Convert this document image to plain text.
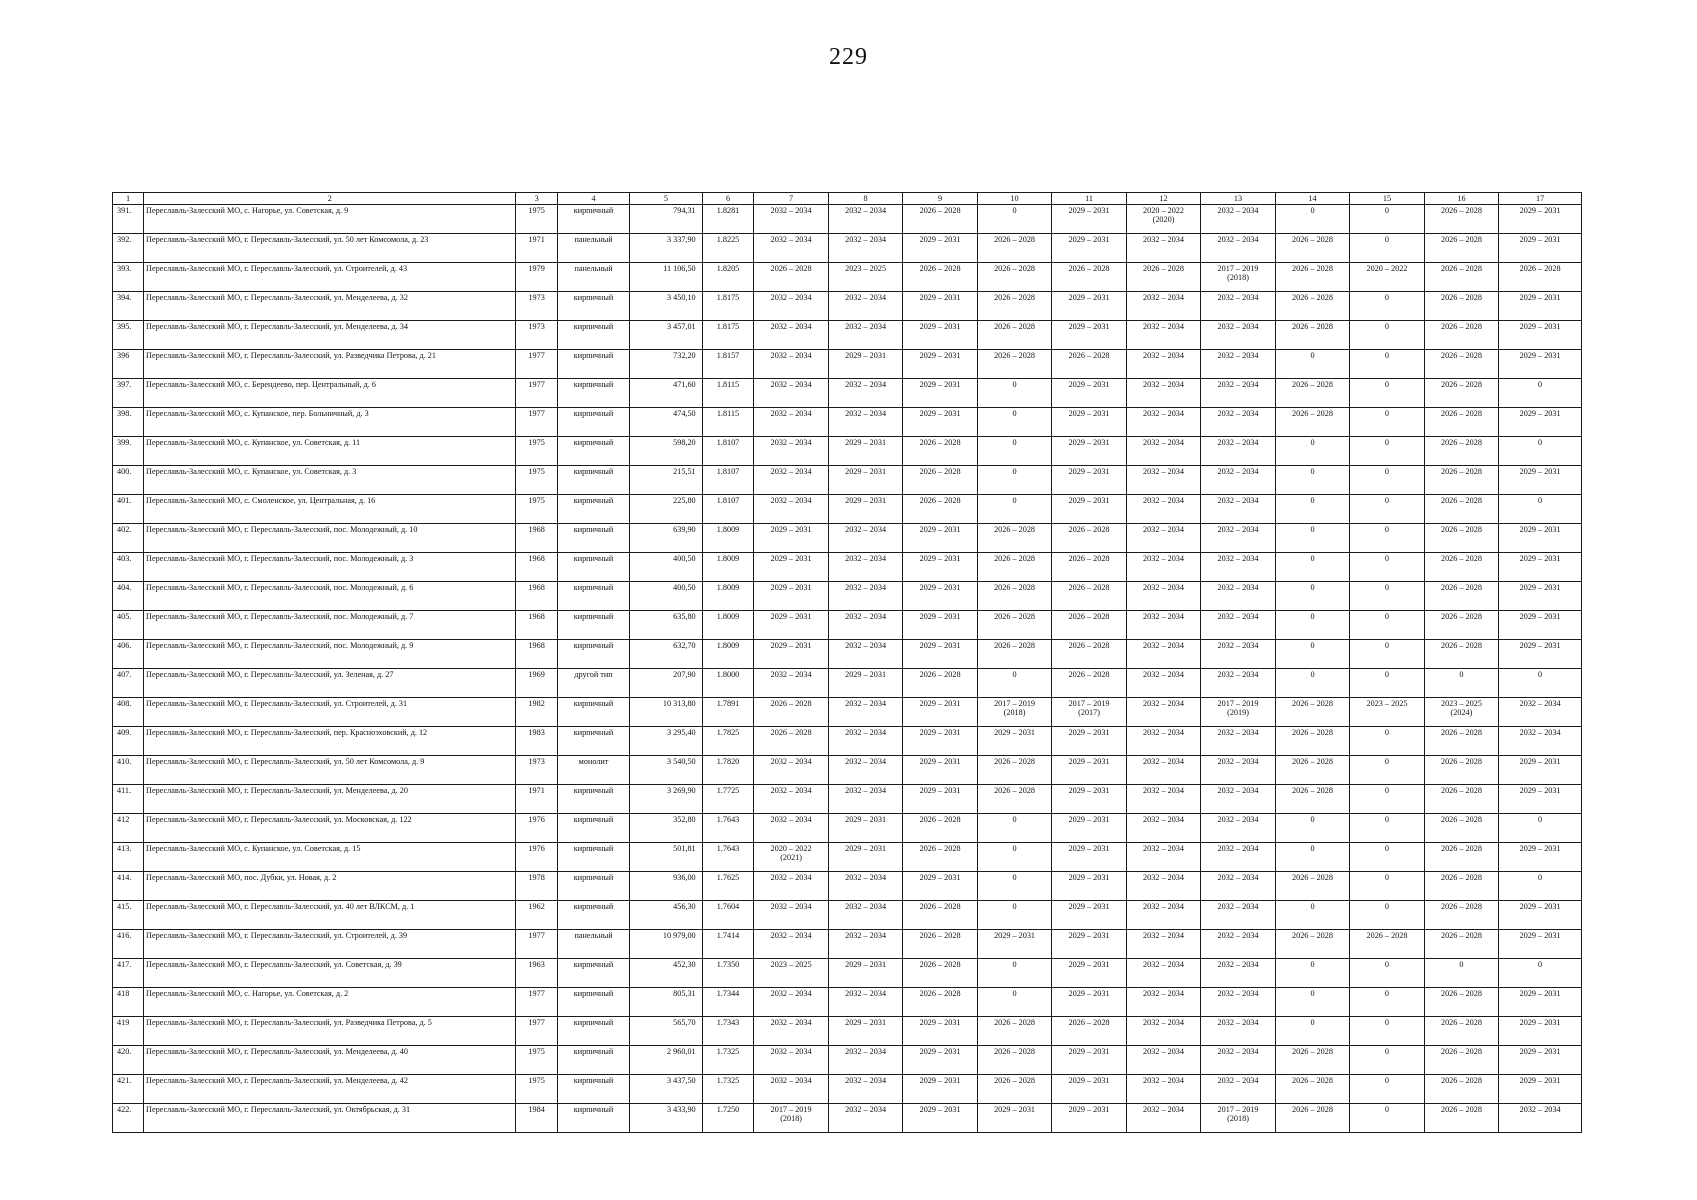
229
1	2	3	4	5	6	7	8	9	10	11	12	13	14	15	16	17

391.	Переславль-Залесский МО, с. Нагорье, ул. Советская, д. 9	1975	кирпичный	794,31	1.8281	2032 – 2034	2032 – 2034	2026 – 2028	0	2029 – 2031	2020 – 2022
(2020)	2032 – 2034	0	0	2026 – 2028	2029 – 2031

392.	Переславль-Залесский МО, г. Переславль-Залесский, ул. 50 лет Комсомола, д. 23	1971	панельный	3 337,90	1.8225	2032 – 2034	2032 – 2034	2029 – 2031	2026 – 2028	2029 – 2031	2032 – 2034	2032 – 2034	2026 – 2028	0	2026 – 2028	2029 – 2031

393.	Переславль-Залесский МО, г. Переславль-Залесский, ул. Строителей, д. 43	1979	панельный	11 106,50	1.8205	2026 – 2028	2023 – 2025	2026 – 2028	2026 – 2028	2026 – 2028	2026 – 2028	2017 – 2019
(2018)	2026 – 2028	2020 – 2022	2026 – 2028	2026 – 2028

394.	Переславль-Залесский МО, г. Переславль-Залесский, ул. Менделеева, д. 32	1973	кирпичный	3 450,10	1.8175	2032 – 2034	2032 – 2034	2029 – 2031	2026 – 2028	2029 – 2031	2032 – 2034	2032 – 2034	2026 – 2028	0	2026 – 2028	2029 – 2031

395.	Переславль-Залесский МО, г. Переславль-Залесский, ул. Менделеева, д. 34	1973	кирпичный	3 457,01	1.8175	2032 – 2034	2032 – 2034	2029 – 2031	2026 – 2028	2029 – 2031	2032 – 2034	2032 – 2034	2026 – 2028	0	2026 – 2028	2029 – 2031

396	Переславль-Залесский МО, г. Переславль-Залесский, ул. Разведчика Петрова, д. 21	1977	кирпичный	732,20	1.8157	2032 – 2034	2029 – 2031	2029 – 2031	2026 – 2028	2026 – 2028	2032 – 2034	2032 – 2034	0	0	2026 – 2028	2029 – 2031

397.	Переславль-Залесский МО, с. Берендеево, пер. Центральный, д. 6	1977	кирпичный	471,60	1.8115	2032 – 2034	2032 – 2034	2029 – 2031	0	2029 – 2031	2032 – 2034	2032 – 2034	2026 – 2028	0	2026 – 2028	0

398.	Переславль-Залесский МО, с. Купанское, пер. Больничный, д. 3	1977	кирпичный	474,50	1.8115	2032 – 2034	2032 – 2034	2029 – 2031	0	2029 – 2031	2032 – 2034	2032 – 2034	2026 – 2028	0	2026 – 2028	2029 – 2031

399.	Переславль-Залесский МО, с. Купанское, ул. Советская, д. 11	1975	кирпичный	598,20	1.8107	2032 – 2034	2029 – 2031	2026 – 2028	0	2029 – 2031	2032 – 2034	2032 – 2034	0	0	2026 – 2028	0

400.	Переславль-Залесский МО, с. Купанское, ул. Советская, д. 3	1975	кирпичный	215,51	1.8107	2032 – 2034	2029 – 2031	2026 – 2028	0	2029 – 2031	2032 – 2034	2032 – 2034	0	0	2026 – 2028	2029 – 2031

401.	Переславль-Залесский МО, с. Смоленское, ул. Центральная, д. 16	1975	кирпичный	225,80	1.8107	2032 – 2034	2029 – 2031	2026 – 2028	0	2029 – 2031	2032 – 2034	2032 – 2034	0	0	2026 – 2028	0

402.	Переславль-Залесский МО, г. Переславль-Залесский, пос. Молодежный, д. 10	1968	кирпичный	639,90	1.8009	2029 – 2031	2032 – 2034	2029 – 2031	2026 – 2028	2026 – 2028	2032 – 2034	2032 – 2034	0	0	2026 – 2028	2029 – 2031

403.	Переславль-Залесский МО, г. Переславль-Залесский, пос. Молодежный, д. 3	1968	кирпичный	400,50	1.8009	2029 – 2031	2032 – 2034	2029 – 2031	2026 – 2028	2026 – 2028	2032 – 2034	2032 – 2034	0	0	2026 – 2028	2029 – 2031

404.	Переславль-Залесский МО, г. Переславль-Залесский, пос. Молодежный, д. 6	1968	кирпичный	400,50	1.8009	2029 – 2031	2032 – 2034	2029 – 2031	2026 – 2028	2026 – 2028	2032 – 2034	2032 – 2034	0	0	2026 – 2028	2029 – 2031

405.	Переславль-Залесский МО, г. Переславль-Залесский, пос. Молодежный, д. 7	1968	кирпичный	635,80	1.8009	2029 – 2031	2032 – 2034	2029 – 2031	2026 – 2028	2026 – 2028	2032 – 2034	2032 – 2034	0	0	2026 – 2028	2029 – 2031

406.	Переславль-Залесский МО, г. Переславль-Залесский, пос. Молодежный, д. 9	1968	кирпичный	632,70	1.8009	2029 – 2031	2032 – 2034	2029 – 2031	2026 – 2028	2026 – 2028	2032 – 2034	2032 – 2034	0	0	2026 – 2028	2029 – 2031

407.	Переславль-Залесский МО, г. Переславль-Залесский, ул. Зеленая, д. 27	1969	другой тип	207,90	1.8000	2032 – 2034	2029 – 2031	2026 – 2028	0	2026 – 2028	2032 – 2034	2032 – 2034	0	0	0	0

408.	Переславль-Залесский МО, г. Переславль-Залесский, ул. Строителей, д. 31	1982	кирпичный	10 313,80	1.7891	2026 – 2028	2032 – 2034	2029 – 2031	2017 – 2019
(2018)	2017 – 2019
(2017)	2032 – 2034	2017 – 2019
(2019)	2026 – 2028	2023 – 2025	2023 – 2025
(2024)	2032 – 2034

409.	Переславль-Залесский МО, г. Переславль-Залесский, пер. Красноэховский, д. 12	1983	кирпичный	3 295,40	1.7825	2026 – 2028	2032 – 2034	2029 – 2031	2029 – 2031	2029 – 2031	2032 – 2034	2032 – 2034	2026 – 2028	0	2026 – 2028	2032 – 2034

410.	Переславль-Залесский МО, г. Переславль-Залесский, ул. 50 лет Комсомола, д. 9	1973	монолит	3 540,50	1.7820	2032 – 2034	2032 – 2034	2029 – 2031	2026 – 2028	2029 – 2031	2032 – 2034	2032 – 2034	2026 – 2028	0	2026 – 2028	2029 – 2031

411.	Переславль-Залесский МО, г. Переславль-Залесский, ул. Менделеева, д. 20	1971	кирпичный	3 269,90	1.7725	2032 – 2034	2032 – 2034	2029 – 2031	2026 – 2028	2029 – 2031	2032 – 2034	2032 – 2034	2026 – 2028	0	2026 – 2028	2029 – 2031

412	Переславль-Залесский МО, г. Переславль-Залесский, ул. Московская, д. 122	1976	кирпичный	352,80	1.7643	2032 – 2034	2029 – 2031	2026 – 2028	0	2029 – 2031	2032 – 2034	2032 – 2034	0	0	2026 – 2028	0

413.	Переславль-Залесский МО, с. Купанское, ул. Советская, д. 15	1976	кирпичный	501,81	1.7643	2020 – 2022
(2021)	2029 – 2031	2026 – 2028	0	2029 – 2031	2032 – 2034	2032 – 2034	0	0	2026 – 2028	2029 – 2031

414.	Переславль-Залесский МО, пос. Дубки, ул. Новая, д. 2	1978	кирпичный	936,00	1.7625	2032 – 2034	2032 – 2034	2029 – 2031	0	2029 – 2031	2032 – 2034	2032 – 2034	2026 – 2028	0	2026 – 2028	0

415.	Переславль-Залесский МО, г. Переславль-Залесский, ул. 40 лет ВЛКСМ, д. 1	1962	кирпичный	456,30	1.7604	2032 – 2034	2032 – 2034	2026 – 2028	0	2029 – 2031	2032 – 2034	2032 – 2034	0	0	2026 – 2028	2029 – 2031

416.	Переславль-Залесский МО, г. Переславль-Залесский, ул. Строителей, д. 39	1977	панельный	10 979,00	1.7414	2032 – 2034	2032 – 2034	2026 – 2028	2029 – 2031	2029 – 2031	2032 – 2034	2032 – 2034	2026 – 2028	2026 – 2028	2026 – 2028	2029 – 2031

417.	Переславль-Залесский МО, г. Переславль-Залесский, ул. Советская, д. 39	1963	кирпичный	452,30	1.7350	2023 – 2025	2029 – 2031	2026 – 2028	0	2029 – 2031	2032 – 2034	2032 – 2034	0	0	0	0

418	Переславль-Залесский МО, с. Нагорье, ул. Советская, д. 2	1977	кирпичный	805,31	1.7344	2032 – 2034	2032 – 2034	2026 – 2028	0	2029 – 2031	2032 – 2034	2032 – 2034	0	0	2026 – 2028	2029 – 2031

419	Переславль-Залесский МО, г. Переславль-Залесский, ул. Разведчика Петрова, д. 5	1977	кирпичный	565,70	1.7343	2032 – 2034	2029 – 2031	2029 – 2031	2026 – 2028	2026 – 2028	2032 – 2034	2032 – 2034	0	0	2026 – 2028	2029 – 2031

420.	Переславль-Залесский МО, г. Переславль-Залесский, ул. Менделеева, д. 40	1975	кирпичный	2 960,01	1.7325	2032 – 2034	2032 – 2034	2029 – 2031	2026 – 2028	2029 – 2031	2032 – 2034	2032 – 2034	2026 – 2028	0	2026 – 2028	2029 – 2031

421.	Переславль-Залесский МО, г. Переславль-Залесский, ул. Менделеева, д. 42	1975	кирпичный	3 437,50	1.7325	2032 – 2034	2032 – 2034	2029 – 2031	2026 – 2028	2029 – 2031	2032 – 2034	2032 – 2034	2026 – 2028	0	2026 – 2028	2029 – 2031

422.	Переславль-Залесский МО, г. Переславль-Залесский, ул. Октябрьская, д. 31	1984	кирпичный	3 433,90	1.7250	2017 – 2019
(2018)	2032 – 2034	2029 – 2031	2029 – 2031	2029 – 2031	2032 – 2034	2017 – 2019
(2018)	2026 – 2028	0	2026 – 2028	2032 – 2034
